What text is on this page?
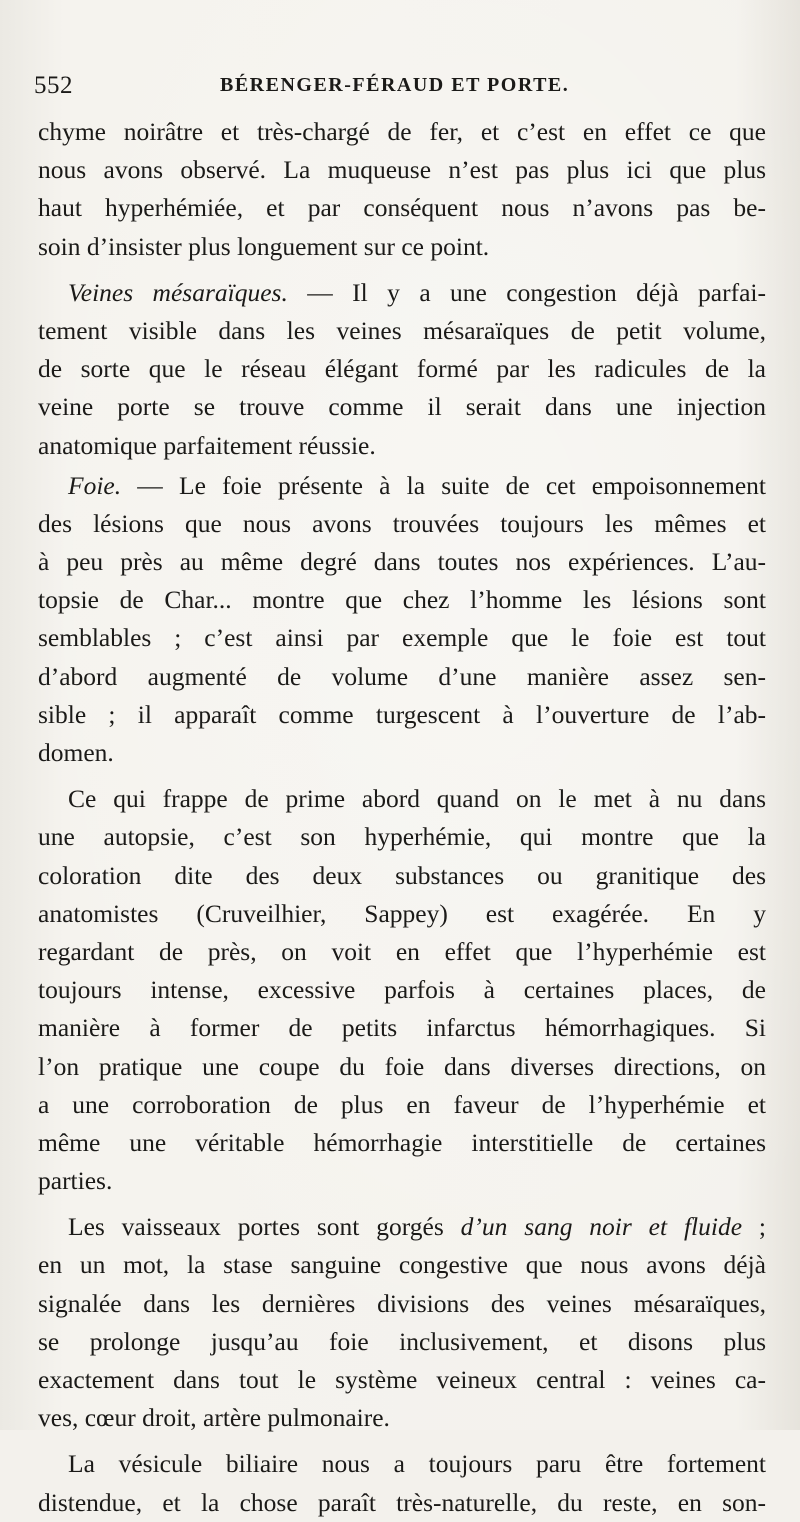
552	BÉRENGER-FÉRAUD ET PORTE.
chyme noirâtre et très-chargé de fer, et c’est en effet ce que
nous avons observé. La muqueuse n’est pas plus ici que plus
haut hyperhémiée, et par conséquent nous n’avons pas be-
soin d’insister plus longuement sur ce point.
Veines mésaraïques. — Il y a une congestion déjà parfai-
tement visible dans les veines mésaraïques de petit volume,
de sorte que le réseau élégant formé par les radicules de la
veine porte se trouve comme il serait dans une injection
anatomique parfaitement réussie.
Foie. — Le foie présente à la suite de cet empoisonnement
des lésions que nous avons trouvées toujours les mêmes et
à peu près au même degré dans toutes nos expériences. L’au-
topsie de Char... montre que chez l’homme les lésions sont
semblables ; c’est ainsi par exemple que le foie est tout
d’abord augmenté de volume d’une manière assez sen-
sible ; il apparaît comme turgescent à l’ouverture de l’ab-
domen.
Ce qui frappe de prime abord quand on le met à nu dans
une autopsie, c’est son hyperhémie, qui montre que la
coloration dite des deux substances ou granitique des
anatomistes (Cruveilhier, Sappey) est exagérée. En y
regardant de près, on voit en effet que l’hyperhémie est
toujours intense, excessive parfois à certaines places, de
manière à former de petits infarctus hémorrhagiques. Si
l’on pratique une coupe du foie dans diverses directions, on
a une corroboration de plus en faveur de l’hyperhémie et
même une véritable hémorrhagie interstitielle de certaines
parties.
Les vaisseaux portes sont gorgés d’un sang noir et fluide ;
en un mot, la stase sanguine congestive que nous avons déjà
signalée dans les dernières divisions des veines mésaraïques,
se prolonge jusqu’au foie inclusivement, et disons plus
exactement dans tout le système veineux central : veines ca-
ves, cœur droit, artère pulmonaire.
La vésicule biliaire nous a toujours paru être fortement
distendue, et la chose paraît très-naturelle, du reste, en son-
